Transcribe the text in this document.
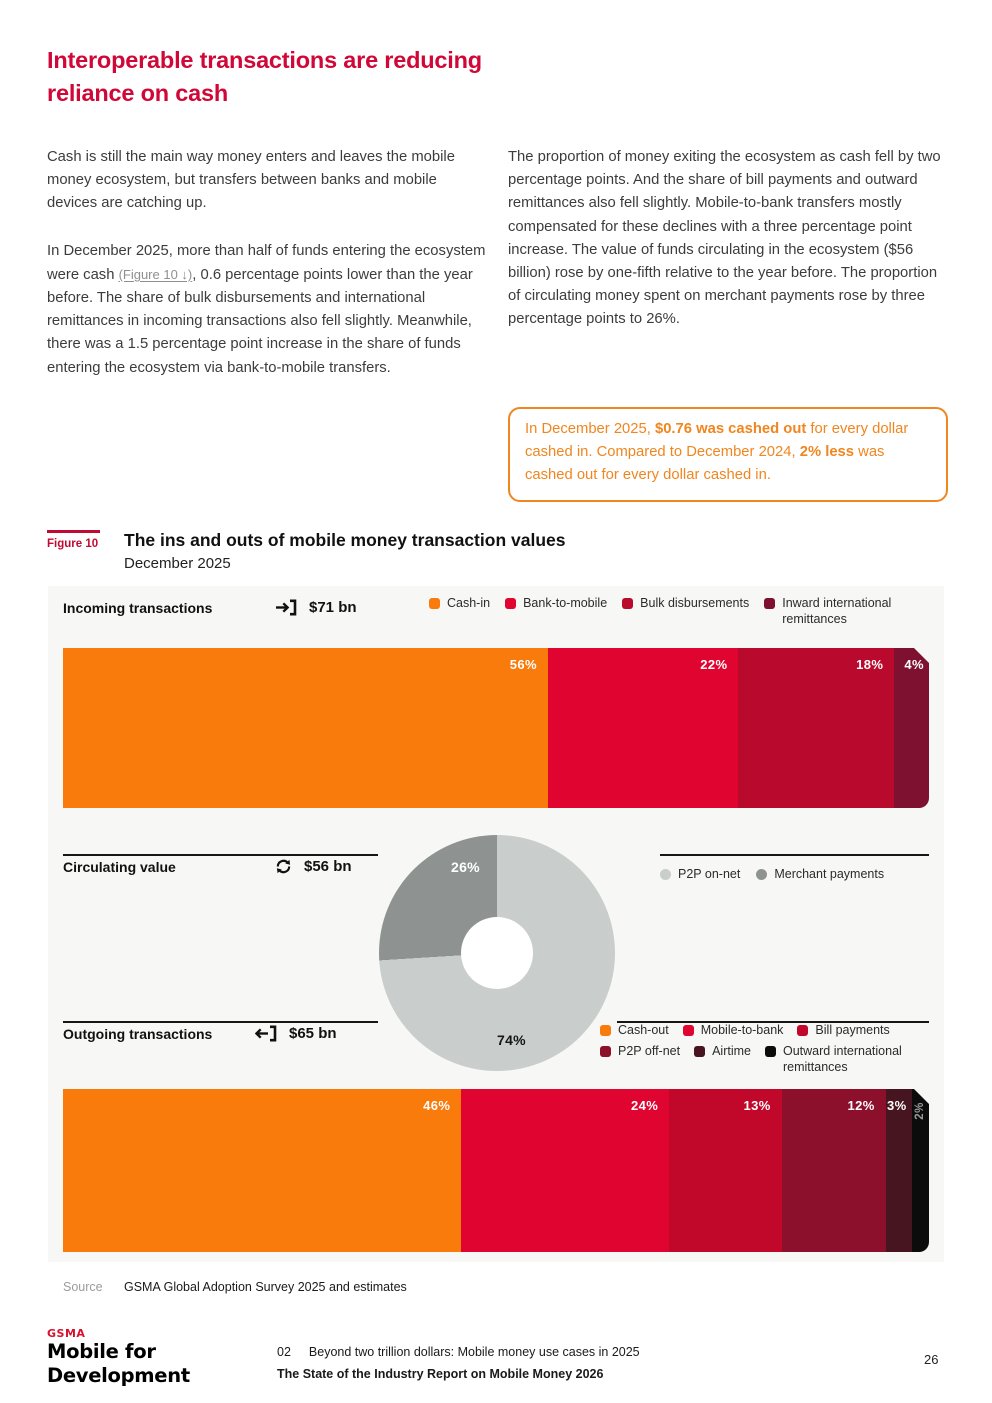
Interoperable transactions are reducing
reliance on cash

Cash is still the main way money enters and leaves the mobile money ecosystem, but transfers between banks and mobile devices are catching up.

In December 2025, more than half of funds entering the ecosystem were cash (Figure 10 ↓), 0.6 percentage points lower than the year before. The share of bulk disbursements and international remittances in incoming transactions also fell slightly. Meanwhile, there was a 1.5 percentage point increase in the share of funds entering the ecosystem via bank-to-mobile transfers.

The proportion of money exiting the ecosystem as cash fell by two percentage points. And the share of bill payments and outward remittances also fell slightly. Mobile-to-bank transfers mostly compensated for these declines with a three percentage point increase. The value of funds circulating in the ecosystem ($56 billion) rose by one-fifth relative to the year before. The proportion of circulating money spent on merchant payments rose by three percentage points to 26%.

In December 2025, $0.76 was cashed out for every dollar cashed in. Compared to December 2024, 2% less was cashed out for every dollar cashed in.
Figure 10 The ins and outs of mobile money transaction values
December 2025
Incoming transactions	$71 bn	Cash-in	Bank-to-mobile	Bulk disbursements	Inward international remittances
56%	22%	18% 4%
Circulating value	$56 bn	P2P on-net	Merchant payments
26%
74%
Outgoing transactions	$65 bn	Cash-out	Mobile-to-bank	Bill payments
P2P off-net	Airtime	Outward international remittances
46%	24%	13%	12% 3% 2%
Source	GSMA Global Adoption Survey 2025 and estimates
GSMA
Mobile for
Development
02 Beyond two trillion dollars: Mobile money use cases in 2025
The State of the Industry Report on Mobile Money 2026
26
